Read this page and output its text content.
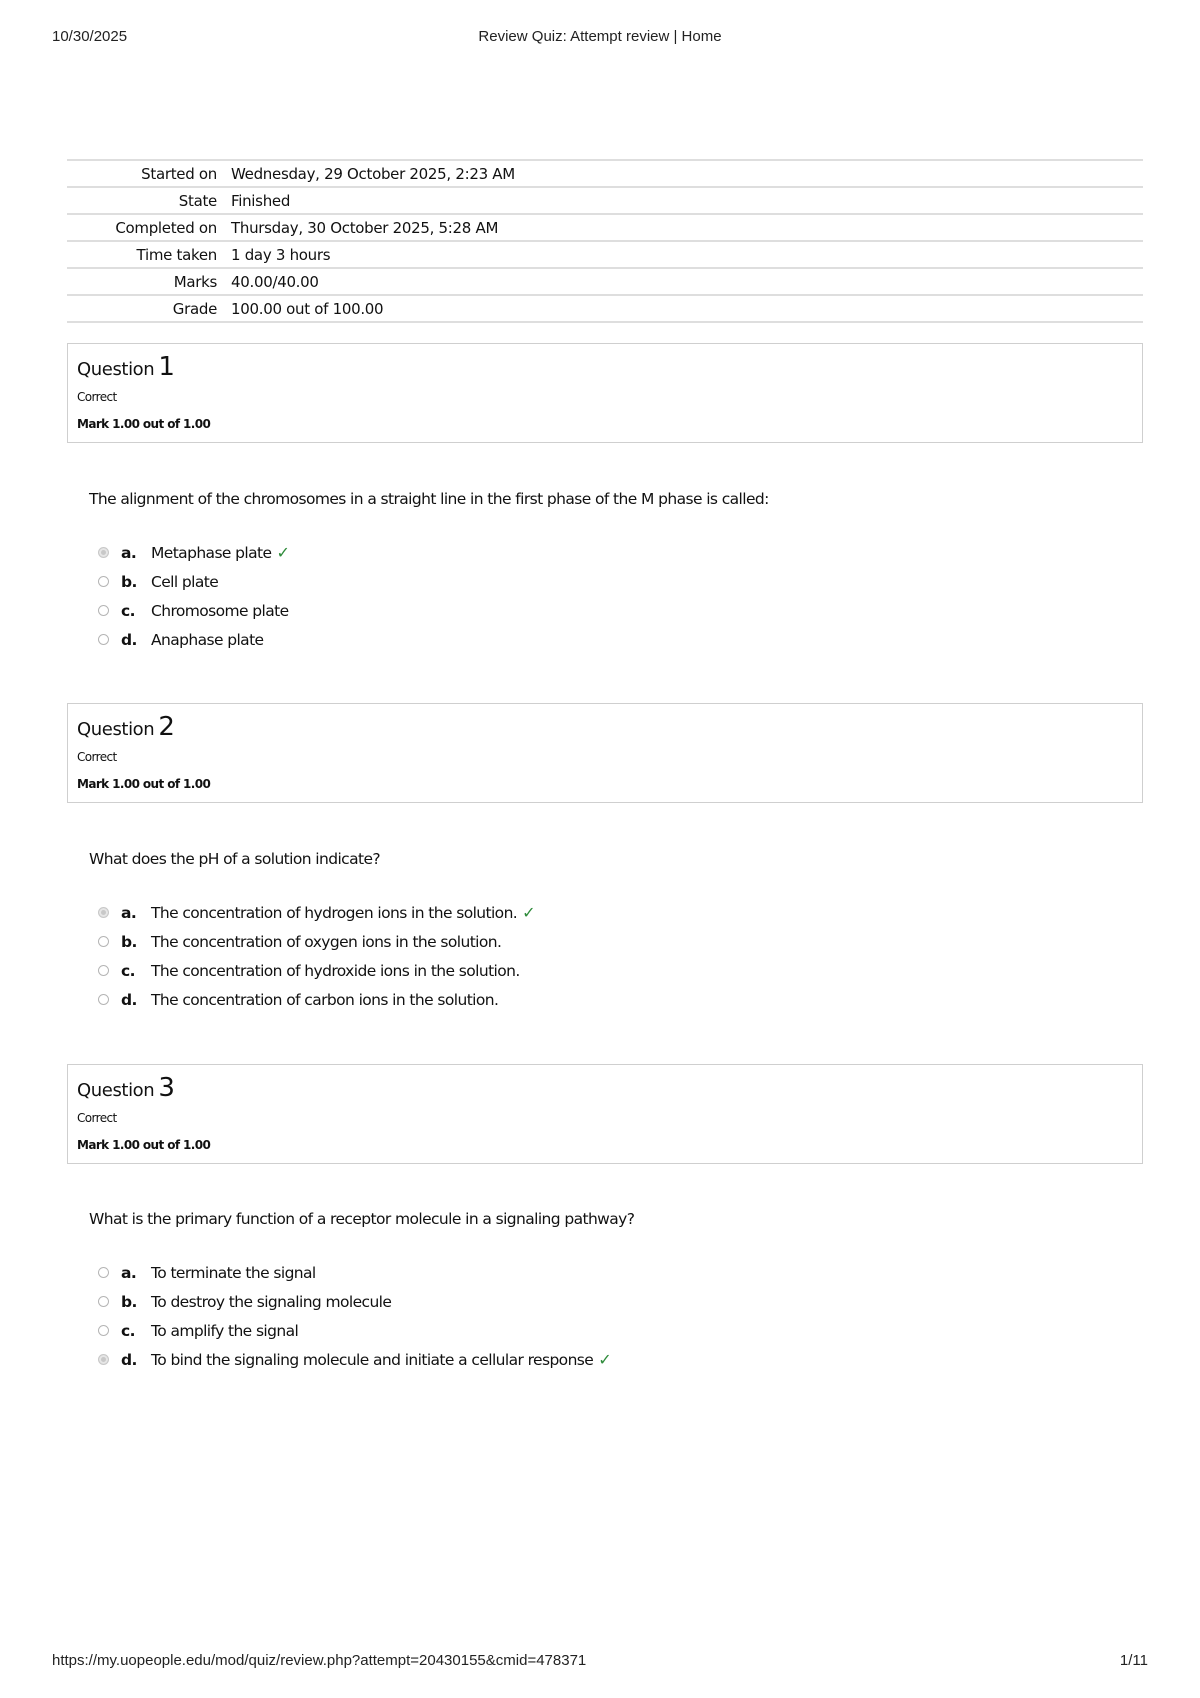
10/30/2025	Review Quiz: Attempt review | Home
Started on	Wednesday, 29 October 2025, 2:23 AM
State	Finished
Completed on	Thursday, 30 October 2025, 5:28 AM
Time taken	1 day 3 hours
Marks	40.00/40.00
Grade	100.00 out of 100.00
Question 1
Correct
Mark 1.00 out of 1.00
The alignment of the chromosomes in a straight line in the first phase of the M phase is called:
a. Metaphase plate ✓
b. Cell plate
c.	Chromosome plate
d. Anaphase plate
Question 2
Correct
Mark 1.00 out of 1.00
What does the pH of a solution indicate?
a. The concentration of hydrogen ions in the solution. ✓
b. The concentration of oxygen ions in the solution.
c.	The concentration of hydroxide ions in the solution.
d. The concentration of carbon ions in the solution.
Question 3
Correct
Mark 1.00 out of 1.00
What is the primary function of a receptor molecule in a signaling pathway?
a. To terminate the signal
b. To destroy the signaling molecule
c.	To amplify the signal
d. To bind the signaling molecule and initiate a cellular response ✓
https://my.uopeople.edu/mod/quiz/review.php?attempt=20430155&cmid=478371	1/11
